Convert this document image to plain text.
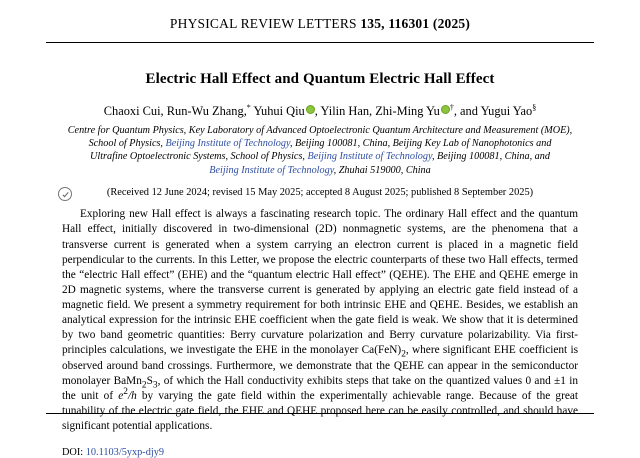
PHYSICAL REVIEW LETTERS 135, 116301 (2025)
Electric Hall Effect and Quantum Electric Hall Effect
Chaoxi Cui, Run-Wu Zhang,* Yuhui Qiu , Yilin Han, Zhi-Ming Yu †, and Yugui Yao§
Centre for Quantum Physics, Key Laboratory of Advanced Optoelectronic Quantum Architecture and Measurement (MOE),
School of Physics, Beijing Institute of Technology, Beijing 100081, China, Beijing Key Lab of Nanophotonics and
Ultrafine Optoelectronic Systems, School of Physics, Beijing Institute of Technology, Beijing 100081, China, and
Beijing Institute of Technology, Zhuhai 519000, China
(Received 12 June 2024; revised 15 May 2025; accepted 8 August 2025; published 8 September 2025)

Exploring new Hall effect is always a fascinating research topic. The ordinary Hall effect and the quantum Hall effect, initially discovered in two-dimensional (2D) nonmagnetic systems, are the phenomena that a transverse current is generated when a system carrying an electron current is placed in a magnetic field perpendicular to the currents. In this Letter, we propose the electric counterparts of these two Hall effects, termed the “electric Hall effect” (EHE) and the “quantum electric Hall effect” (QEHE). The EHE and QEHE emerge in 2D magnetic systems, where the transverse current is generated by applying an electric gate field instead of a magnetic field. We present a symmetry requirement for both intrinsic EHE and QEHE. Besides, we establish an analytical expression for the intrinsic EHE coefficient when the gate field is weak. We show that it is determined by two band geometric quantities: Berry curvature polarization and Berry curvature polarizability. Via first-principles calculations, we investigate the EHE in the monolayer $Ca(FeN)_2$, where significant EHE coefficient is observed around band crossings. Furthermore, we demonstrate that the QEHE can appear in the semiconductor monolayer $BaMn_2S_3$, of which the Hall conductivity exhibits steps that take on the quantized values 0 and ±1 in the unit of $e^2/h$ by varying the gate field within the experimentally achievable range. Because of the great tunability of the electric gate field, the EHE and QEHE proposed here can be easily controlled, and should have significant potential applications.

DOI: 10.1103/5yxp-djy9
